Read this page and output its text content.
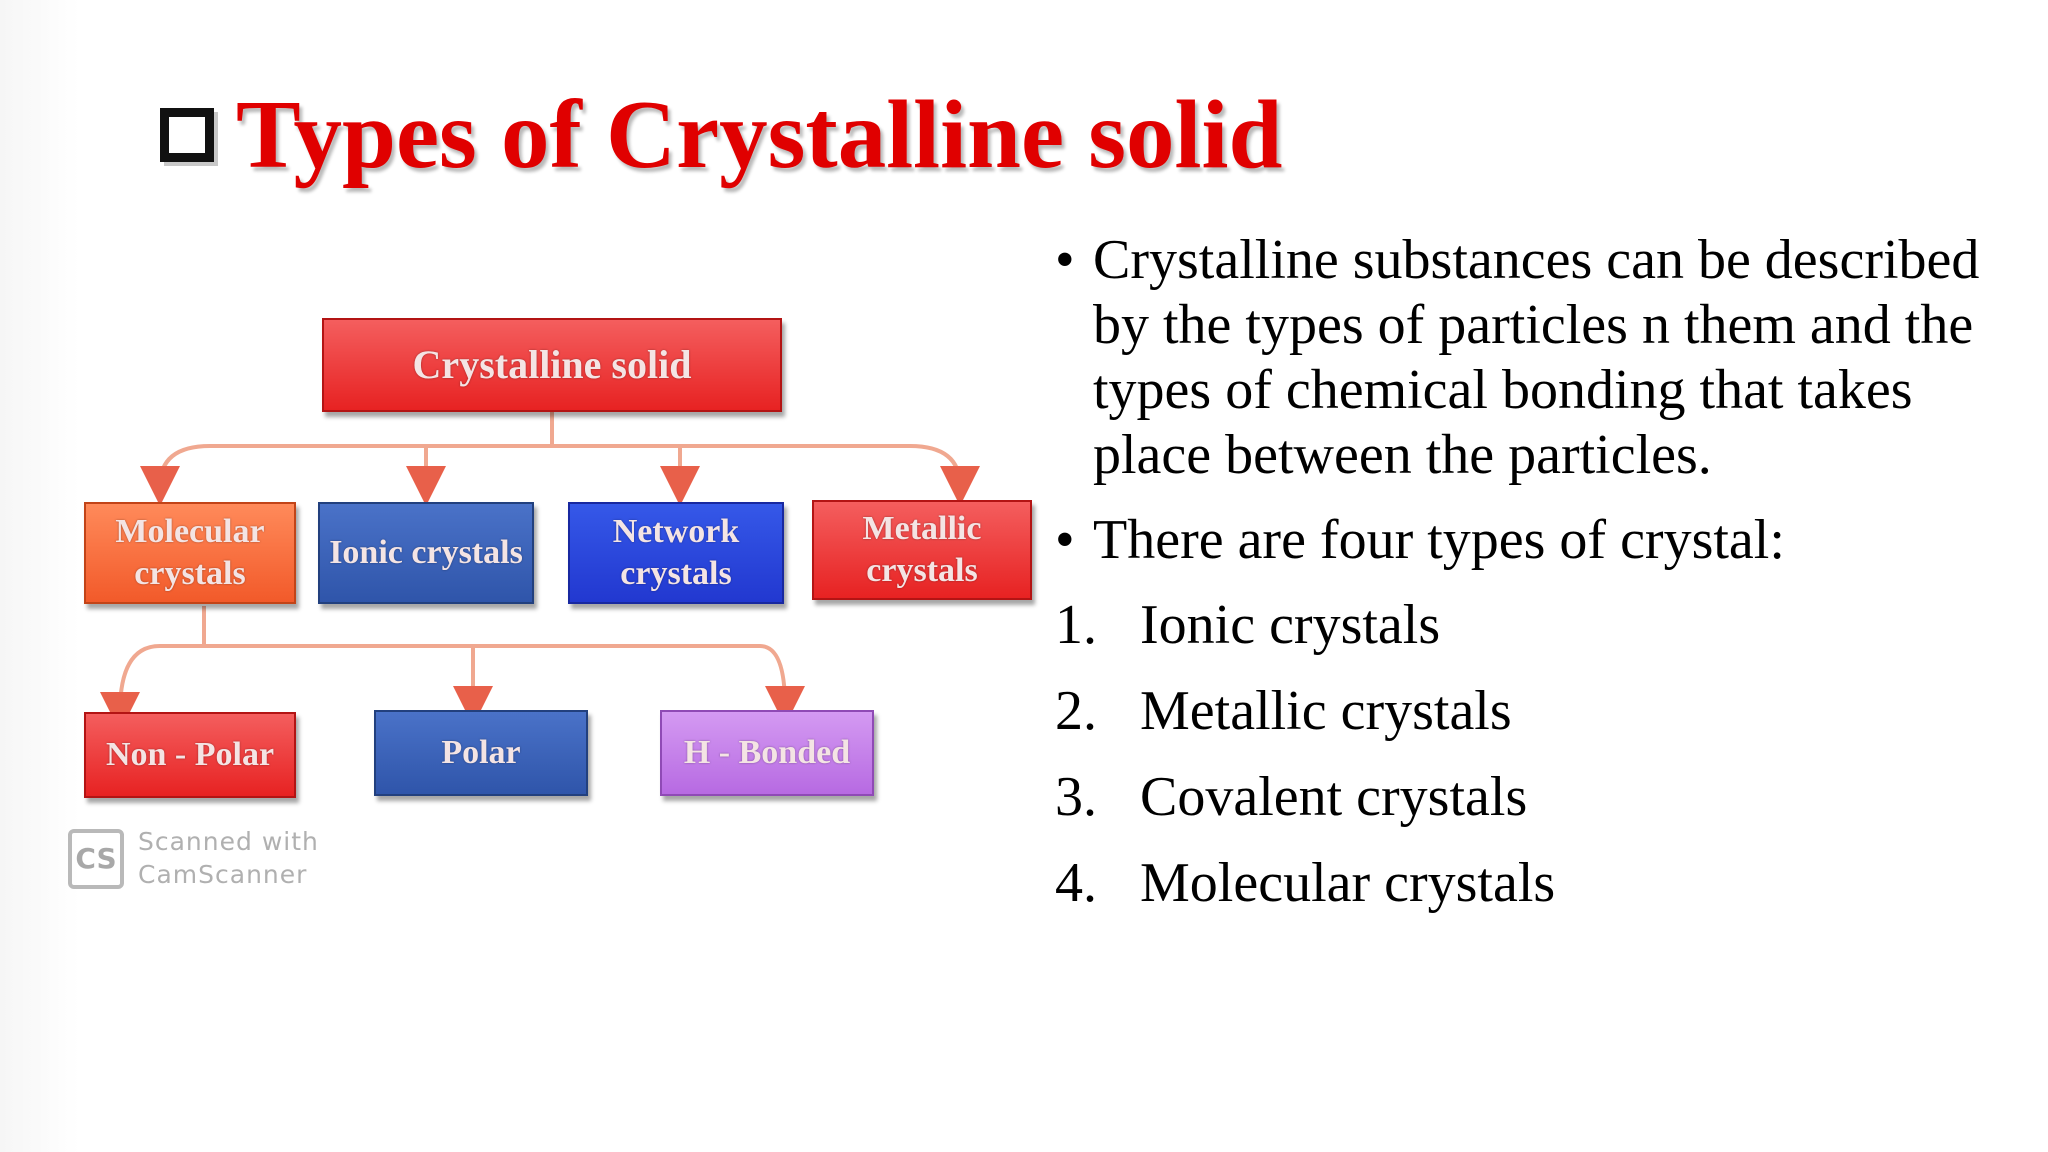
Types of Crystalline solid
Crystalline solid
Molecular crystals
Ionic crystals
Network crystals
Metallic crystals
Non - Polar	Polar	H - Bonded
CS
Scanned with
CamScanner
• Crystalline substances can be described by the types of particles n them and the types of chemical bonding that takes place between the particles.
• There are four types of crystal:
1. Ionic crystals
2. Metallic crystals
3. Covalent crystals
4. Molecular crystals
